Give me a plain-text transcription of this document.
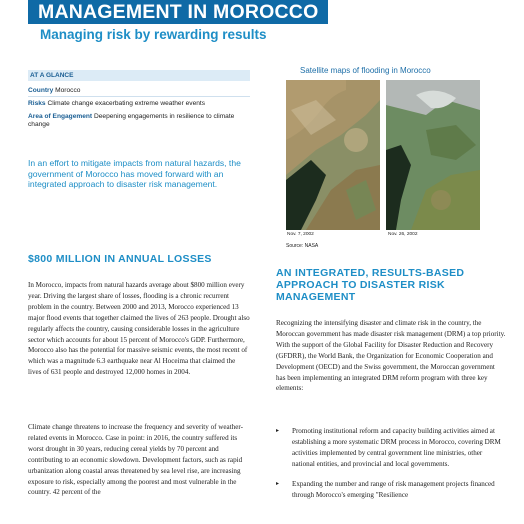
MANAGEMENT IN MOROCCO
Managing risk by rewarding results
AT A GLANCE
Country Morocco
Risks Climate change exacerbating extreme weather events
Area of Engagement Deepening engagements in resilience to climate change
In an effort to mitigate impacts from natural hazards, the government of Morocco has moved forward with an integrated approach to disaster risk management.
$800 MILLION IN ANNUAL LOSSES
In Morocco, impacts from natural hazards average about $800 million every year. Driving the largest share of losses, flooding is a chronic recurrent problem in the country. Between 2000 and 2013, Morocco experienced 13 major flood events that together claimed the lives of 263 people. Drought also regularly affects the country, causing considerable losses in the agriculture sector which accounts for about 15 percent of Morocco's GDP. Furthermore, Morocco also has the potential for massive seismic events, the most recent of which was a magnitude 6.3 earthquake near Al Hoceima that claimed the lives of 631 people and destroyed 12,000 homes in 2004.
Climate change threatens to increase the frequency and severity of weather-related events in Morocco. Case in point: in 2016, the country suffered its worst drought in 30 years, reducing cereal yields by 70 percent and contributing to an economic slowdown. Development factors, such as rapid urbanization along coastal areas threatened by sea level rise, are increasing exposure to risk, especially among the poorest and most vulnerable in the country. 42 percent of the
Satellite maps of flooding in Morocco
Nov. 7, 2002	Nov. 26, 2002
Source: NASA
AN INTEGRATED, RESULTS-BASED
APPROACH TO DISASTER RISK
MANAGEMENT
Recognizing the intensifying disaster and climate risk in the country, the Moroccan government has made disaster risk management (DRM) a top priority. With the support of the Global Facility for Disaster Reduction and Recovery (GFDRR), the World Bank, the Organization for Economic Cooperation and Development (OECD) and the Swiss government, the Moroccan government has been implementing an integrated DRM reform program with three key elements:
▸ Promoting institutional reform and capacity building activities aimed at establishing a more systematic DRM process in Morocco, covering DRM activities implemented by central government line ministries, other national entities, and provincial and local governments.
▸ Expanding the number and range of risk management projects financed through Morocco's emerging "Resilience
